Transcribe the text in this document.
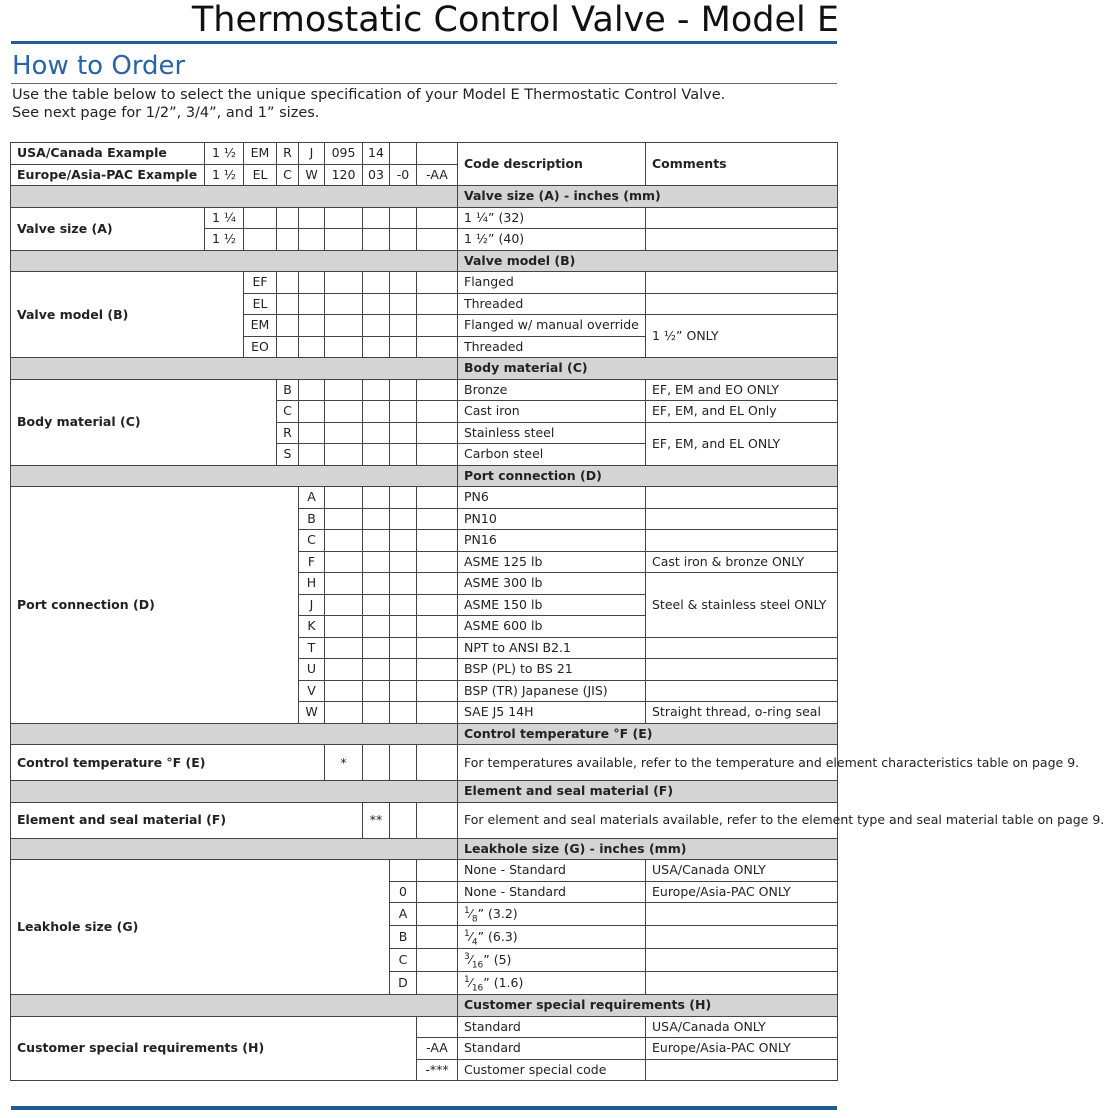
Thermostatic Control Valve - Model E
How to Order

Use the table below to select the unique specification of your Model E Thermostatic Control Valve.

See next page for 1/2”, 3/4”, and 1” sizes.

USA/Canada Example	1 ½	EM	R	J	095	14			Code description	Comments
Europe/Asia-PAC Example	1 ½	EL	C	W	120	03	-0	-AA		
									Valve size (A) - inches (mm)	
Valve size (A)	1 ¼								1 ¼” (32)	
	1 ½								1 ½” (40)	
									Valve model (B)	
Valve model (B)		EF							Flanged	
		EL							Threaded	
		EM							Flanged w/ manual override	1 ½” ONLY
		EO							Threaded	
									Body material (C)	
Body material (C)			B						Bronze	EF, EM and EO ONLY
			C						Cast iron	EF, EM, and EL Only
			R						Stainless steel	EF, EM, and EL ONLY
			S						Carbon steel	
									Port connection (D)	
Port connection (D)				A					PN6	
				B					PN10	
				C					PN16	
				F					ASME 125 lb	Cast iron & bronze ONLY
				H					ASME 300 lb	Steel & stainless steel ONLY
				J					ASME 150 lb	
				K					ASME 600 lb	
				T					NPT to ANSI B2.1	
				U					BSP (PL) to BS 21	
				V					BSP (TR) Japanese (JIS)	
				W					SAE J5 14H	Straight thread, o-ring seal
									Control temperature °F (E)	
Control temperature °F (E)					*				For temperatures available, refer to the temperature and element characteristics table on page 9.	
									Element and seal material (F)	
Element and seal material (F)						**			For element and seal materials available, refer to the element type and seal material table on page 9.	
									Leakhole size (G) - inches (mm)	
Leakhole size (G)									None - Standard	USA/Canada ONLY
							0		None - Standard	Europe/Asia-PAC ONLY
							A		$^1⁄_8$” (3.2)	
							B		$^1⁄_4$” (6.3)	
							C		$^3⁄_{16}$” (5)	
							D		$^1⁄_{16}$” (1.6)	
									Customer special requirements (H)	
Customer special requirements (H)									Standard	USA/Canada ONLY
								-AA	Standard	Europe/Asia-PAC ONLY
								-***	Customer special code	
